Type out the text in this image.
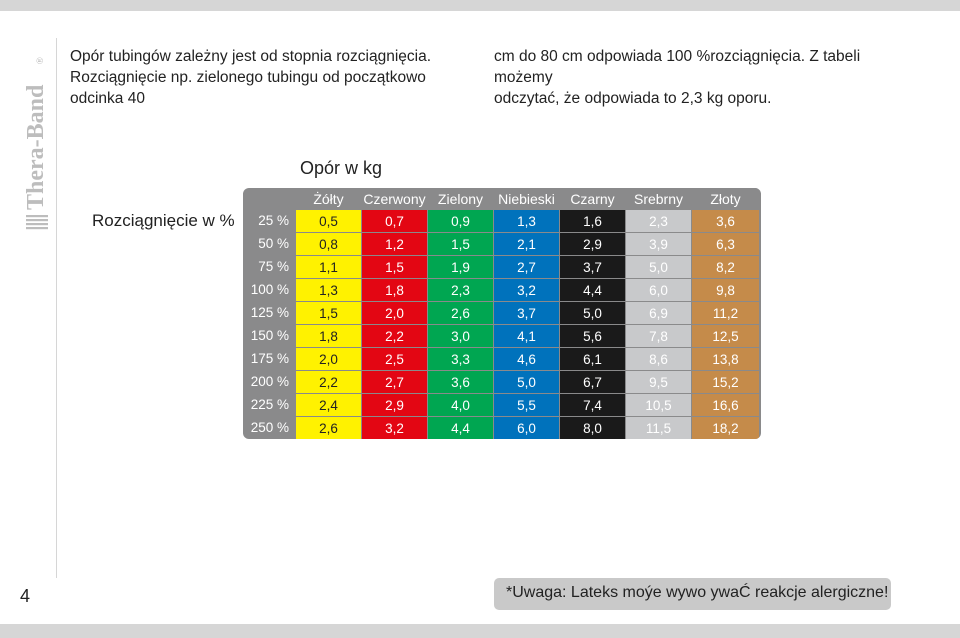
Thera-Band
® Opór tubingów zależny jest od stopnia rozciągnięcia.

Rozciągnięcie np. zielonego tubingu od początkowo odcinka 40

cm do 80 cm odpowiada 100 %rozciągnięcia. Z tabeli możemy

odczytać, że odpowiada to 2,3 kg oporu.

Opór w kg
Rozciągnięcie w %
	Żółty	Czerwony	Zielony	Niebieski	Czarny	Srebrny	Złoty
25 %	0,5	0,7	0,9	1,3	1,6	2,3	3,6
50 %	0,8	1,2	1,5	2,1	2,9	3,9	6,3
75 %	1,1	1,5	1,9	2,7	3,7	5,0	8,2
100 %	1,3	1,8	2,3	3,2	4,4	6,0	9,8
125 %	1,5	2,0	2,6	3,7	5,0	6,9	11,2
150 %	1,8	2,2	3,0	4,1	5,6	7,8	12,5
175 %	2,0	2,5	3,3	4,6	6,1	8,6	13,8
200 %	2,2	2,7	3,6	5,0	6,7	9,5	15,2
225 %	2,4	2,9	4,0	5,5	7,4	10,5	16,6
250 %	2,6	3,2	4,4	6,0	8,0	11,5	18,2
4	*Uwaga: Lateks moýe wywo ywaĆ reakcje alergiczne!
